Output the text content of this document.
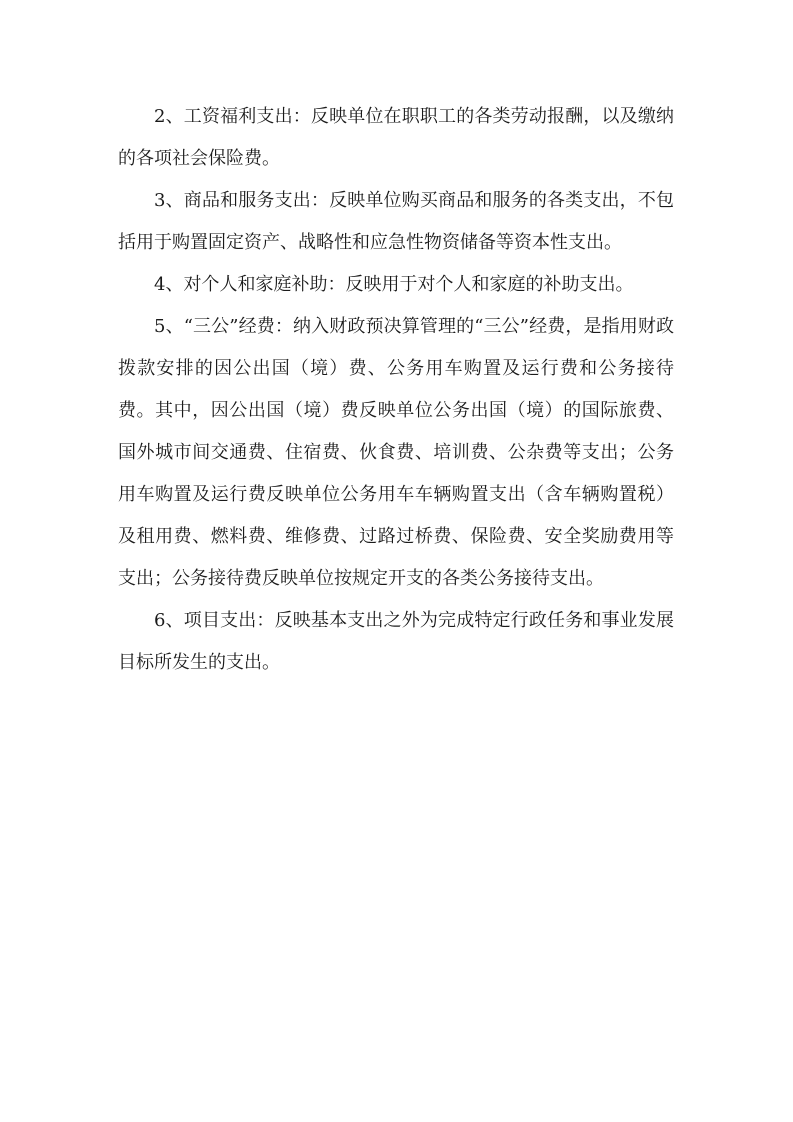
2、工资福利支出：反映单位在职职工的各类劳动报酬，以及缴纳的各项社会保险费。

3、商品和服务支出：反映单位购买商品和服务的各类支出，不包括用于购置固定资产、战略性和应急性物资储备等资本性支出。

4、对个人和家庭补助：反映用于对个人和家庭的补助支出。

5、“三公”经费：纳入财政预决算管理的“三公”经费，是指用财政拨款安排的因公出国（境）费、公务用车购置及运行费和公务接待费。其中，因公出国（境）费反映单位公务出国（境）的国际旅费、国外城市间交通费、住宿费、伙食费、培训费、公杂费等支出；公务用车购置及运行费反映单位公务用车车辆购置支出（含车辆购置税）及租用费、燃料费、维修费、过路过桥费、保险费、安全奖励费用等支出；公务接待费反映单位按规定开支的各类公务接待支出。

6、项目支出：反映基本支出之外为完成特定行政任务和事业发展目标所发生的支出。
